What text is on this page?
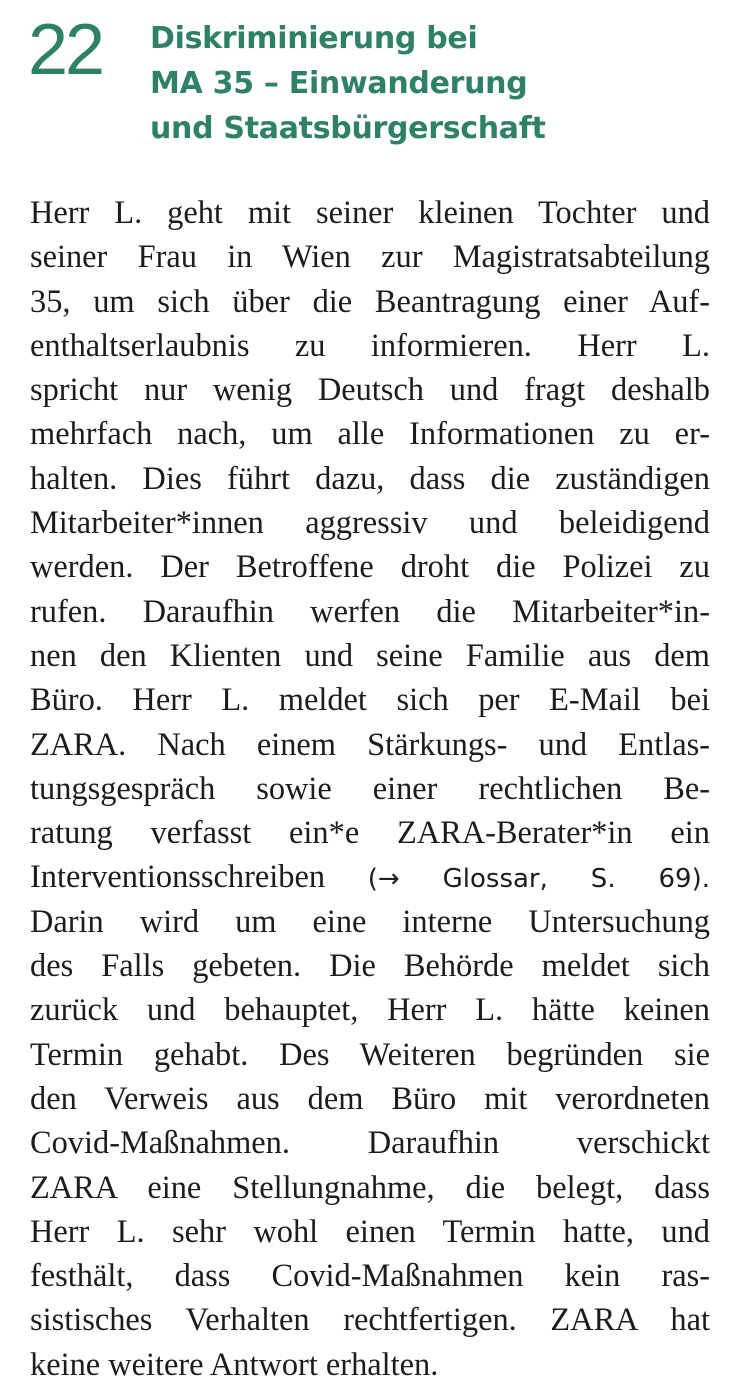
22 Diskriminierung bei
MA 35 – Einwanderung
und Staatsbürgerschaft
Herr L. geht mit seiner kleinen Tochter und
seiner Frau in Wien zur Magistratsabteilung
35, um sich über die Beantragung einer Auf-
enthaltserlaubnis zu informieren. Herr L.
spricht nur wenig Deutsch und fragt deshalb
mehrfach nach, um alle Informationen zu er-
halten. Dies führt dazu, dass die zuständigen
Mitarbeiter*innen aggressiv und beleidigend
werden. Der Betroffene droht die Polizei zu
rufen. Daraufhin werfen die Mitarbeiter*in-
nen den Klienten und seine Familie aus dem
Büro. Herr L. meldet sich per E-Mail bei
ZARA. Nach einem Stärkungs- und Entlas-
tungsgespräch sowie einer rechtlichen Be-
ratung verfasst ein*e ZARA-Berater*in ein
Interventionsschreiben (→ Glossar, S. 69).
Darin wird um eine interne Untersuchung
des Falls gebeten. Die Behörde meldet sich
zurück und behauptet, Herr L. hätte keinen
Termin gehabt. Des Weiteren begründen sie
den Verweis aus dem Büro mit verordneten
Covid-Maßnahmen. Daraufhin verschickt
ZARA eine Stellungnahme, die belegt, dass
Herr L. sehr wohl einen Termin hatte, und
festhält, dass Covid-Maßnahmen kein ras-
sistisches Verhalten rechtfertigen. ZARA hat
keine weitere Antwort erhalten.
